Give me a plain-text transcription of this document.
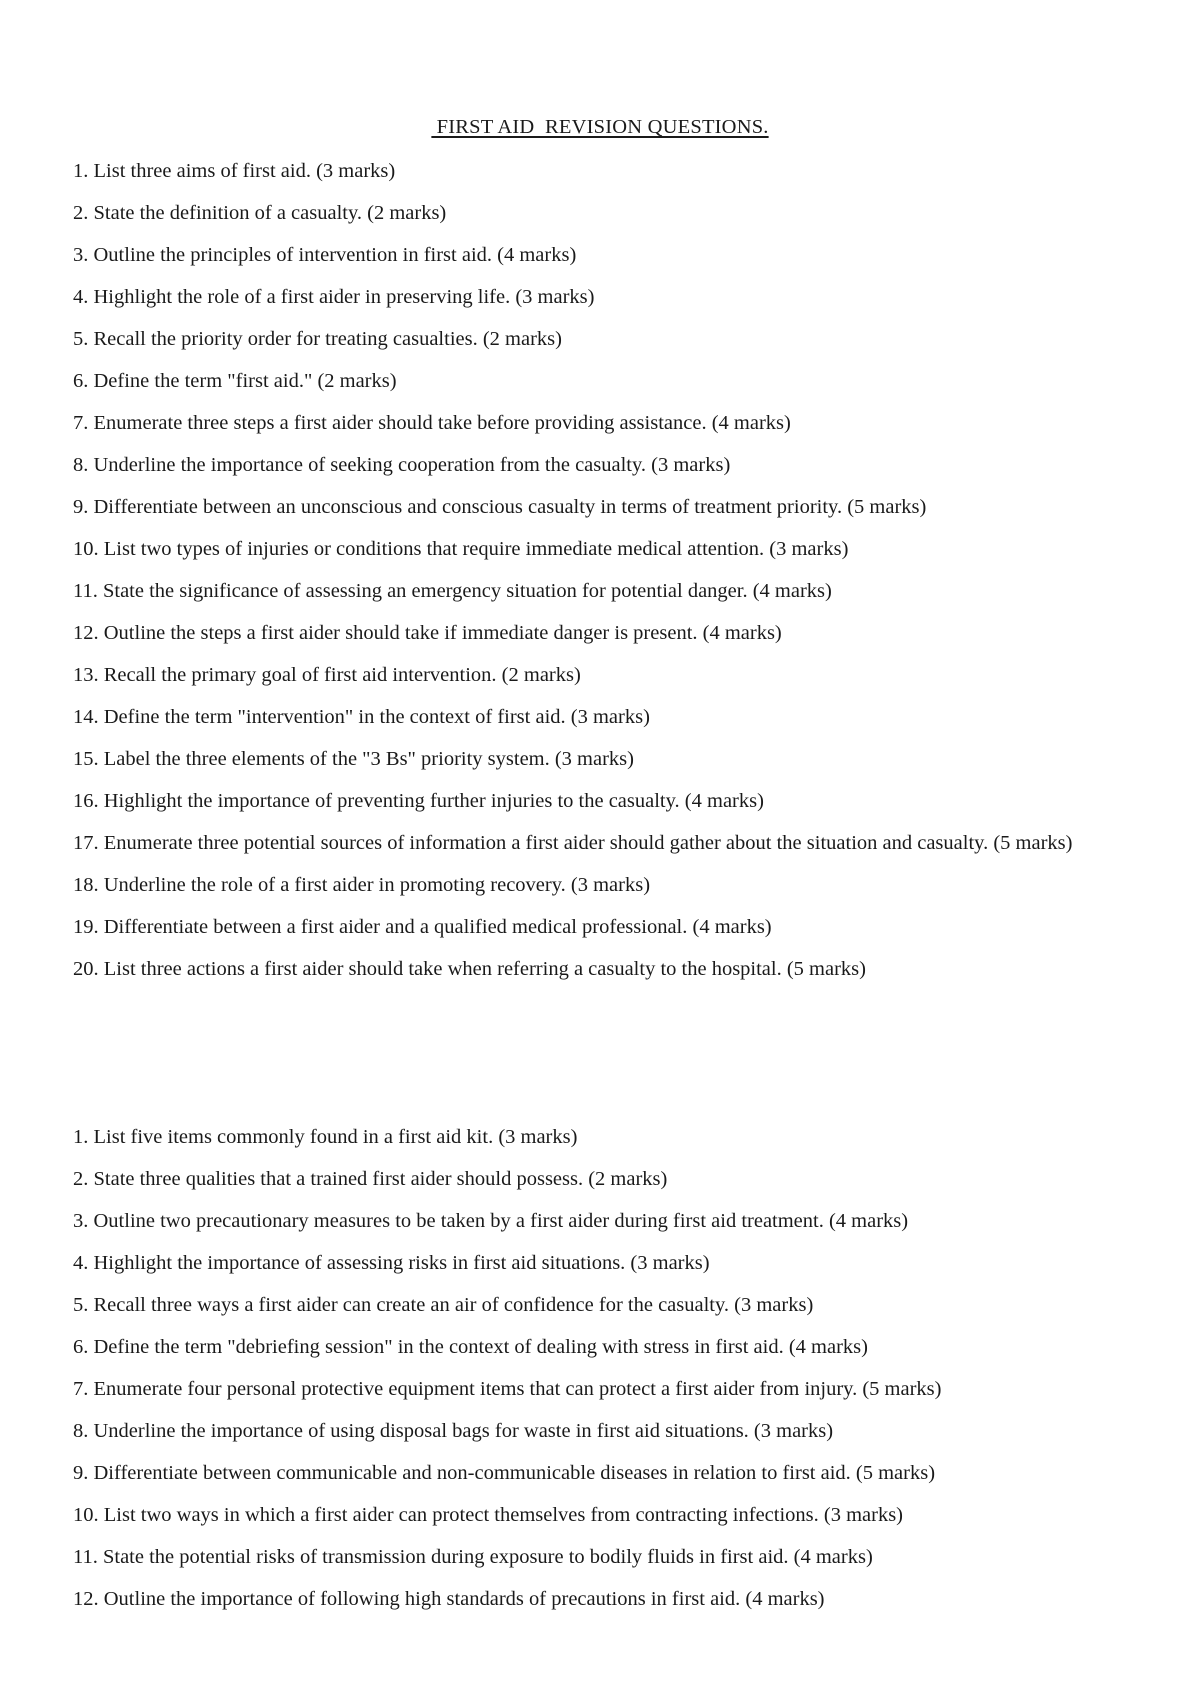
FIRST AID  REVISION QUESTIONS.
1. List three aims of first aid. (3 marks)
2. State the definition of a casualty. (2 marks)
3. Outline the principles of intervention in first aid. (4 marks)
4. Highlight the role of a first aider in preserving life. (3 marks)
5. Recall the priority order for treating casualties. (2 marks)
6. Define the term "first aid." (2 marks)
7. Enumerate three steps a first aider should take before providing assistance. (4 marks)
8. Underline the importance of seeking cooperation from the casualty. (3 marks)
9. Differentiate between an unconscious and conscious casualty in terms of treatment priority. (5 marks)
10. List two types of injuries or conditions that require immediate medical attention. (3 marks)
11. State the significance of assessing an emergency situation for potential danger. (4 marks)
12. Outline the steps a first aider should take if immediate danger is present. (4 marks)
13. Recall the primary goal of first aid intervention. (2 marks)
14. Define the term "intervention" in the context of first aid. (3 marks)
15. Label the three elements of the "3 Bs" priority system. (3 marks)
16. Highlight the importance of preventing further injuries to the casualty. (4 marks)
17. Enumerate three potential sources of information a first aider should gather about the situation and casualty. (5 marks)
18. Underline the role of a first aider in promoting recovery. (3 marks)
19. Differentiate between a first aider and a qualified medical professional. (4 marks)
20. List three actions a first aider should take when referring a casualty to the hospital. (5 marks)
1. List five items commonly found in a first aid kit. (3 marks)
2. State three qualities that a trained first aider should possess. (2 marks)
3. Outline two precautionary measures to be taken by a first aider during first aid treatment. (4 marks)
4. Highlight the importance of assessing risks in first aid situations. (3 marks)
5. Recall three ways a first aider can create an air of confidence for the casualty. (3 marks)
6. Define the term "debriefing session" in the context of dealing with stress in first aid. (4 marks)
7. Enumerate four personal protective equipment items that can protect a first aider from injury. (5 marks)
8. Underline the importance of using disposal bags for waste in first aid situations. (3 marks)
9. Differentiate between communicable and non-communicable diseases in relation to first aid. (5 marks)
10. List two ways in which a first aider can protect themselves from contracting infections. (3 marks)
11. State the potential risks of transmission during exposure to bodily fluids in first aid. (4 marks)
12. Outline the importance of following high standards of precautions in first aid. (4 marks)
